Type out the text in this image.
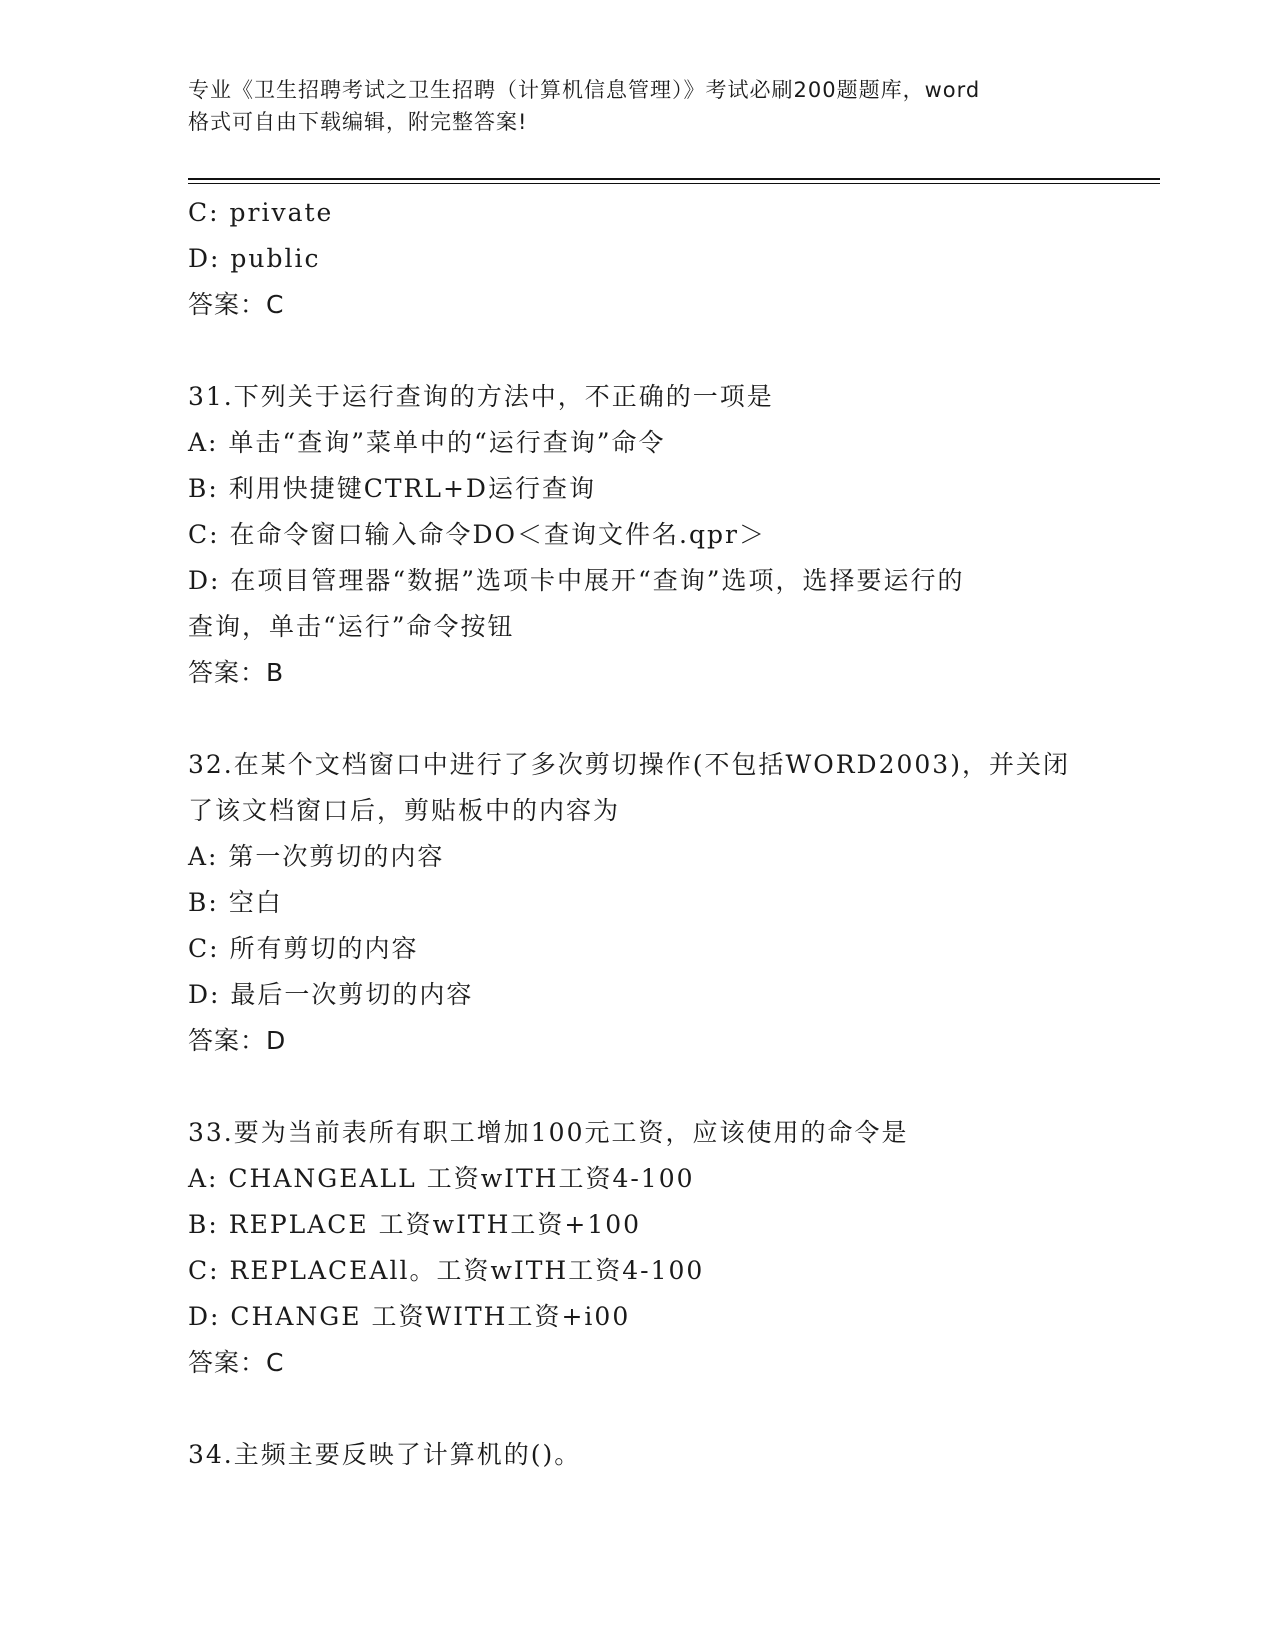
专业《卫生招聘考试之卫生招聘（计算机信息管理）》考试必刷200题题库，word
格式可自由下载编辑，附完整答案!
C: private
D: public
答案：C
31.下列关于运行查询的方法中，不正确的一项是
A: 单击“查询”菜单中的“运行查询”命令
B: 利用快捷键CTRL+D运行查询
C: 在命令窗口输入命令DO＜查询文件名.qpr＞
D: 在项目管理器“数据”选项卡中展开“查询”选项，选择要运行的
查询，单击“运行”命令按钮
答案：B
32.在某个文档窗口中进行了多次剪切操作(不包括WORD2003)，并关闭
了该文档窗口后，剪贴板中的内容为
A: 第一次剪切的内容
B: 空白
C: 所有剪切的内容
D: 最后一次剪切的内容
答案：D
33.要为当前表所有职工增加100元工资，应该使用的命令是
A: CHANGEALL 工资wITH工资4-100
B: REPLACE 工资wITH工资+100
C: REPLACEAll。工资wITH工资4-100
D: CHANGE 工资WITH工资+i00
答案：C
34.主频主要反映了计算机的()。
